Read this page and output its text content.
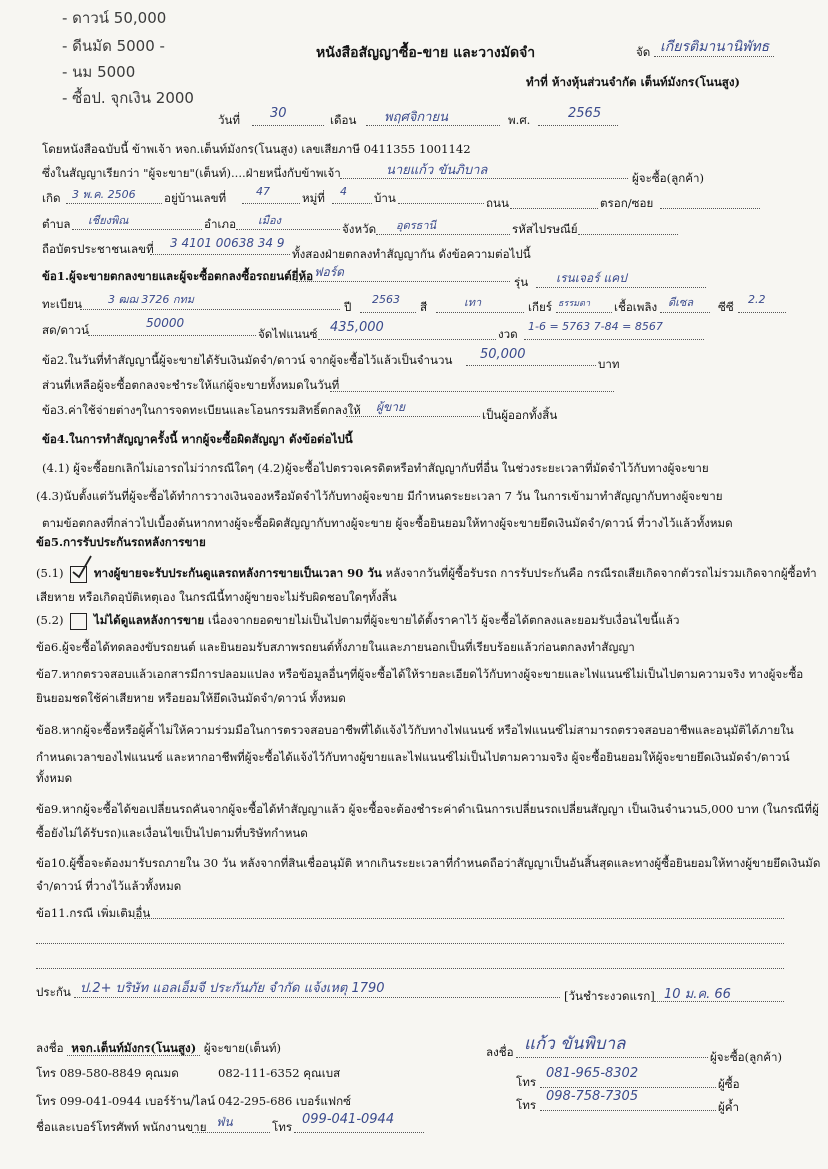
- ดาวน์ 50,000
- ดีนมัด 5000 -
- นม 5000
- ซื้อป. จุกเงิน 2000
หนังสือสัญญาซื้อ-ขาย และวางมัดจำ	จัด เกียรติมานานิพัทธ
ทำที่ ห้างหุ้นส่วนจำกัด เต็นท์มังกร(โนนสูง)
วันที่ 30	เดือน พฤศจิกายน	พ.ศ.	2565
โดยหนังสือฉบับนี้ ข้าพเจ้า หจก.เต็นท์มังกร(โนนสูง) เลขเสียภาษี 0411355 1001142
ซึ่งในสัญญาเรียกว่า "ผู้จะขาย"(เต็นท์)....ฝ่ายหนึ่งกับข้าพเจ้า	นายแก้ว ขันภิบาล	ผู้จะซื้อ(ลูกค้า)
เกิด 3 พ.ค. 2506 อยู่บ้านเลขที่	47	หมู่ที่ 4 บ้าน	ถนน	ตรอก/ซอย
ตำบล เชียงพิณ	อำเภอ เมือง
จังหวัด อุดรธานี	รหัสไปรษณีย์
ถือบัตรประชาชนเลขที่ 3 4101 00638 34 9
ทั้งสองฝ่ายตกลงทำสัญญากัน ดังข้อความต่อไปนี้
ข้อ1.ผู้จะขายตกลงขายและผู้จะซื้อตกลงซื้อรถยนต์ยี่ห้อ ฟอร์ด
รุ่น เรนเจอร์ แคป
ทะเบียน 3 ฒฌ 3726 กทม
ปี
2563
สี	เทา	เกียร์ ธรรมดา เชื้อเพลิง ดีเซล ซีซี
2.2
สด/ดาวน์	50000
จัดไฟแนนซ์ 435,000	งวด
1-6 = 5763 7-84 = 8567
ข้อ2.ในวันที่ทำสัญญานี้ผู้จะขายได้รับเงินมัดจำ/ดาวน์ จากผู้จะซื้อไว้แล้วเป็นจำนวน 50,000
บาท
ส่วนที่เหลือผู้จะซื้อตกลงจะชำระให้แก่ผู้จะขายทั้งหมดในวันที่
ข้อ3.ค่าใช้จ่ายต่างๆในการจดทะเบียนและโอนกรรมสิทธิ์ตกลงให้ ผู้ขาย
เป็นผู้ออกทั้งสิ้น
ข้อ4.ในการทำสัญญาครั้งนี้ หากผู้จะซื้อผิดสัญญา ดังข้อต่อไปนี้
(4.1) ผู้จะซื้อยกเลิกไม่เอารถไม่ว่ากรณีใดๆ (4.2)ผู้จะซื้อไปตรวจเครดิตหรือทำสัญญากับที่อื่น ในช่วงระยะเวลาที่มัดจำไว้กับทางผู้จะขาย
(4.3)นับตั้งแต่วันที่ผู้จะซื้อได้ทำการวางเงินจองหรือมัดจำไว้กับทางผู้จะขาย มีกำหนดระยะเวลา 7 วัน ในการเข้ามาทำสัญญากับทางผู้จะขาย
ตามข้อตกลงที่กล่าวไปเบื้องต้นหากทางผู้จะซื้อผิดสัญญากับทางผู้จะขาย ผู้จะซื้อยินยอมให้ทางผู้จะขายยึดเงินมัดจำ/ดาวน์ ที่วางไว้แล้วทั้งหมด
ข้อ5.การรับประกันรถหลังการขาย
(5.1)	ทางผู้ขายจะรับประกันดูแลรถหลังการขายเป็นเวลา 90 วัน หลังจากวันที่ผู้ซื้อรับรถ การรับประกันคือ กรณีรถเสียเกิดจากตัวรถไม่รวมเกิดจากผู้ซื้อทำ
เสียหาย หรือเกิดอุบัติเหตุเอง ในกรณีนี้ทางผู้ขายจะไม่รับผิดชอบใดๆทั้งสิ้น
(5.2)	ไม่ได้ดูแลหลังการขาย เนื่องจากยอดขายไม่เป็นไปตามที่ผู้จะขายได้ตั้งราคาไว้ ผู้จะซื้อได้ตกลงและยอมรับเงื่อนไขนี้แล้ว
ข้อ6.ผู้จะซื้อได้ทดลองขับรถยนต์ และยินยอมรับสภาพรถยนต์ทั้งภายในและภายนอกเป็นที่เรียบร้อยแล้วก่อนตกลงทำสัญญา
ข้อ7.หากตรวจสอบแล้วเอกสารมีการปลอมแปลง หรือข้อมูลอื่นๆที่ผู้จะซื้อได้ให้รายละเอียดไว้กับทางผู้จะขายและไฟแนนซ์ไม่เป็นไปตามความจริง ทางผู้จะซื้อ
ยินยอมชดใช้ค่าเสียหาย หรือยอมให้ยึดเงินมัดจำ/ดาวน์ ทั้งหมด
ข้อ8.หากผู้จะซื้อหรือผู้ค้ำไม่ให้ความร่วมมือในการตรวจสอบอาชีพที่ได้แจ้งไว้กับทางไฟแนนซ์ หรือไฟแนนซ์ไม่สามารถตรวจสอบอาชีพและอนุมัติได้ภายใน
กำหนดเวลาของไฟแนนซ์ และหากอาชีพที่ผู้จะซื้อได้แจ้งไว้กับทางผู้ขายและไฟแนนซ์ไม่เป็นไปตามความจริง ผู้จะซื้อยินยอมให้ผู้จะขายยึดเงินมัดจำ/ดาวน์
ทั้งหมด
ข้อ9.หากผู้จะซื้อได้ขอเปลี่ยนรถคันจากผู้จะซื้อได้ทำสัญญาแล้ว ผู้จะซื้อจะต้องชำระค่าดำเนินการเปลี่ยนรถเปลี่ยนสัญญา เป็นเงินจำนวน5,000 บาท (ในกรณีที่ผู้
ซื้อยังไม่ได้รับรถ)และเงื่อนไขเป็นไปตามที่บริษัทกำหนด
ข้อ10.ผู้ซื้อจะต้องมารับรถภายใน 30 วัน หลังจากที่สินเชื่ออนุมัติ หากเกินระยะเวลาที่กำหนดถือว่าสัญญาเป็นอันสิ้นสุดและทางผู้ซื้อยินยอมให้ทางผู้ขายยึดเงินมัด
จำ/ดาวน์ ที่วางไว้แล้วทั้งหมด
ข้อ11.กรณี เพิ่มเติมอื่น
ประกัน ป.2+ บริษัท แอลเอ็มจี ประกันภัย จำกัด แจ้งเหตุ 1790	[วันชำระงวดแรก] 10 ม.ค. 66
ลงชื่อ หจก.เต็นท์มังกร(โนนสูง) ผู้จะขาย(เต็นท์)
โทร 089-580-8849 คุณมด	082-111-6352 คุณเบส
โทร 099-041-0944 เบอร์ร้าน/ไลน์ 042-295-686 เบอร์แฟกซ์
ชื่อและเบอร์โทรศัพท์ พนักงานขาย ฟ่น	โทร 099-041-0944
ลงชื่อ แก้ว ขันพิบาล
ผู้จะซื้อ(ลูกค้า)
โทร
081-965-8302
ผู้ซื้อ
โทร
098-758-7305
ผู้ค้ำ
